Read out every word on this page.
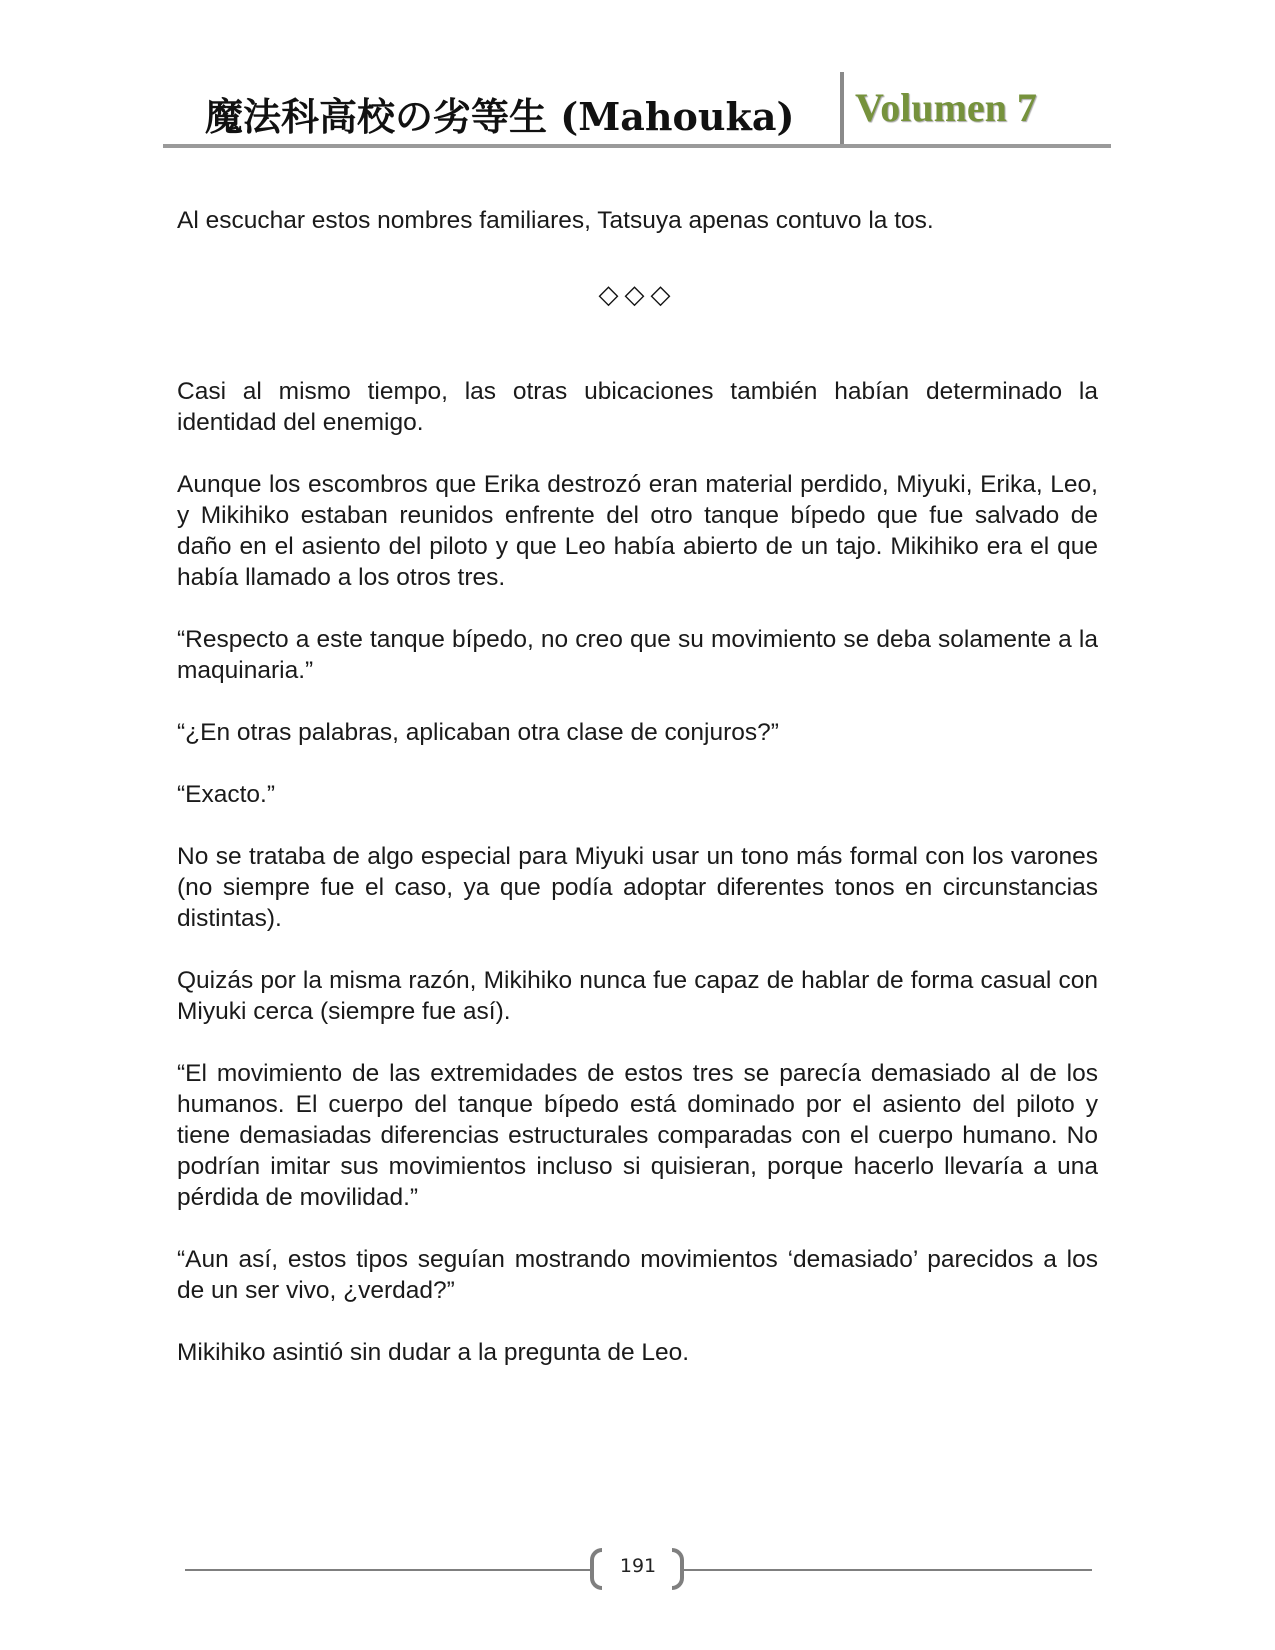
魔法科高校の劣等生 (Mahouka) Volumen 7

Al escuchar estos nombres familiares, Tatsuya apenas contuvo la tos.

◇◇◇

Casi al mismo tiempo, las otras ubicaciones también habían determinado la identidad del enemigo.

Aunque los escombros que Erika destrozó eran material perdido, Miyuki, Erika, Leo, y Mikihiko estaban reunidos enfrente del otro tanque bípedo que fue salvado de daño en el asiento del piloto y que Leo había abierto de un tajo. Mikihiko era el que había llamado a los otros tres.

“Respecto a este tanque bípedo, no creo que su movimiento se deba solamente a la maquinaria.”

“¿En otras palabras, aplicaban otra clase de conjuros?”

“Exacto.”

No se trataba de algo especial para Miyuki usar un tono más formal con los varones (no siempre fue el caso, ya que podía adoptar diferentes tonos en circunstancias distintas).

Quizás por la misma razón, Mikihiko nunca fue capaz de hablar de forma casual con Miyuki cerca (siempre fue así).

“El movimiento de las extremidades de estos tres se parecía demasiado al de los humanos. El cuerpo del tanque bípedo está dominado por el asiento del piloto y tiene demasiadas diferencias estructurales comparadas con el cuerpo humano. No podrían imitar sus movimientos incluso si quisieran, porque hacerlo llevaría a una pérdida de movilidad.”

“Aun así, estos tipos seguían mostrando movimientos ‘demasiado’ parecidos a los de un ser vivo, ¿verdad?”

Mikihiko asintió sin dudar a la pregunta de Leo.

191
